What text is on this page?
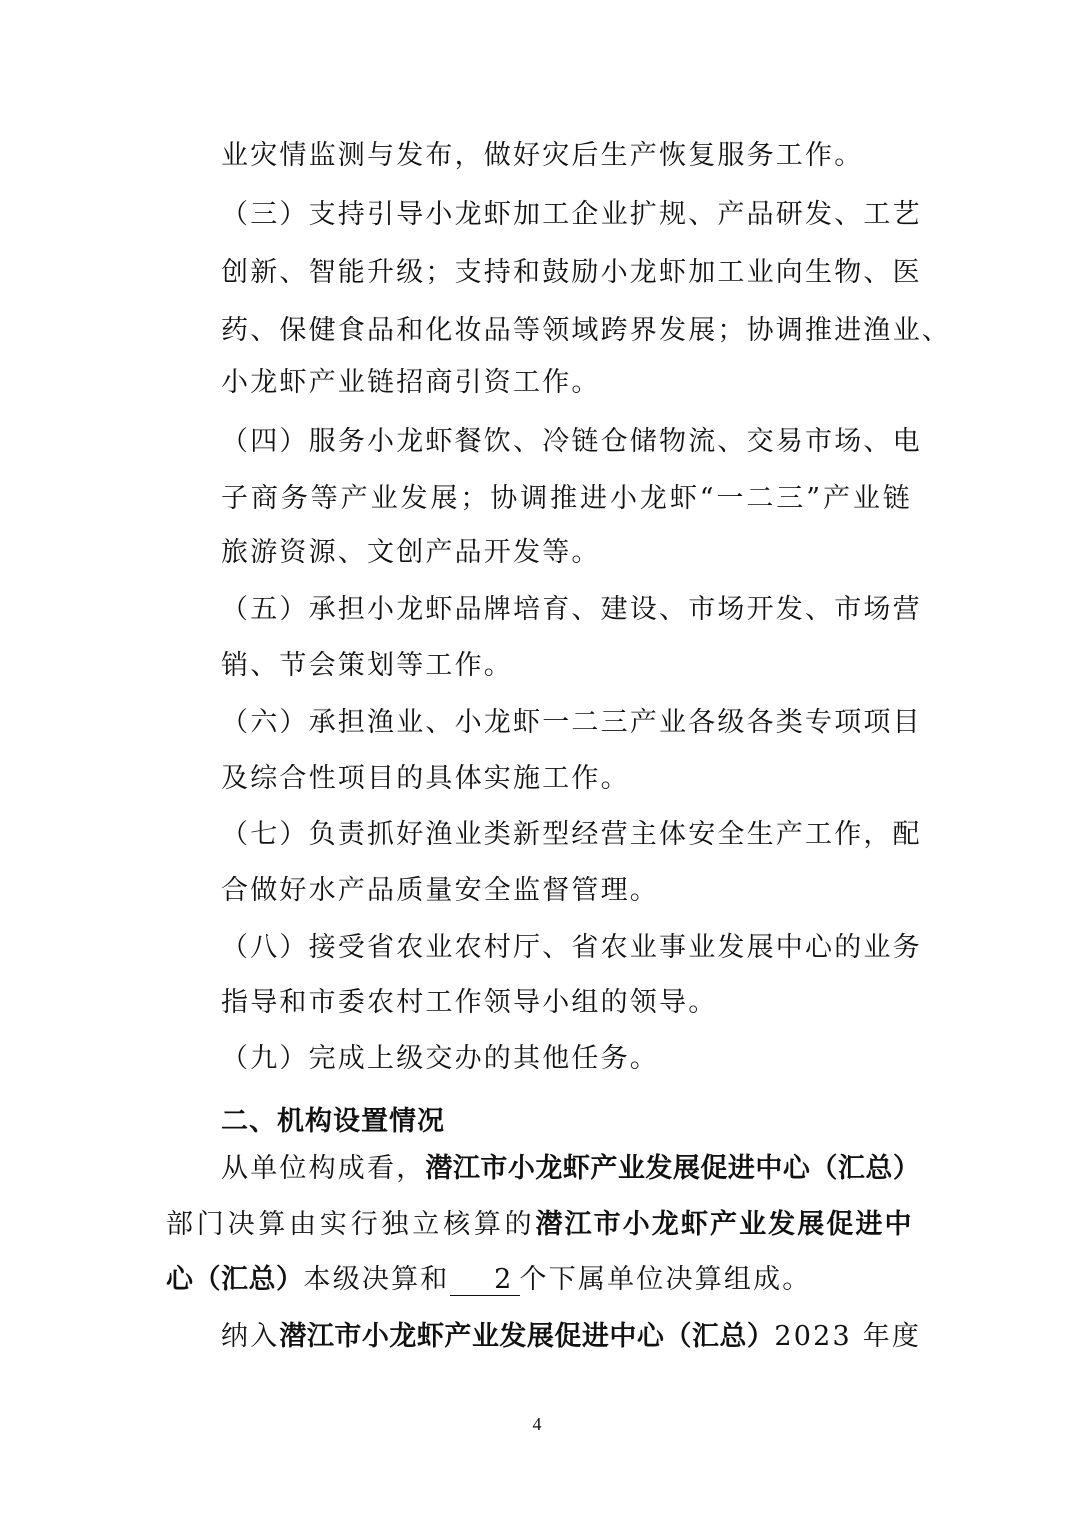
业灾情监测与发布，做好灾后生产恢复服务工作。
（三）支持引导小龙虾加工企业扩规、产品研发、工艺
创新、智能升级；支持和鼓励小龙虾加工业向生物、医
药、保健食品和化妆品等领域跨界发展；协调推进渔业、
小龙虾产业链招商引资工作。
（四）服务小龙虾餐饮、冷链仓储物流、交易市场、电
子商务等产业发展；协调推进小龙虾“一二三”产业链
旅游资源、文创产品开发等。
（五）承担小龙虾品牌培育、建设、市场开发、市场营
销、节会策划等工作。
（六）承担渔业、小龙虾一二三产业各级各类专项项目
及综合性项目的具体实施工作。
（七）负责抓好渔业类新型经营主体安全生产工作，配
合做好水产品质量安全监督管理。
（八）接受省农业农村厅、省农业事业发展中心的业务
指导和市委农村工作领导小组的领导。
（九）完成上级交办的其他任务。
二、机构设置情况
从单位构成看，潜江市小龙虾产业发展促进中心（汇总）
部门决算由实行独立核算的潜江市小龙虾产业发展促进中
心（汇总）本级决算和 2 个下属单位决算组成。
纳入潜江市小龙虾产业发展促进中心（汇总）2023 年度
4
